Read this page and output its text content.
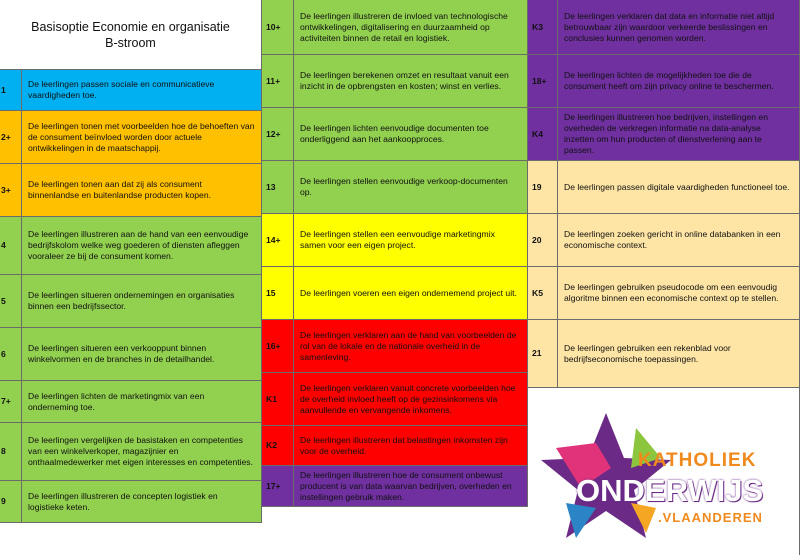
Basisoptie Economie en organisatie
B-stroom
1
De leerlingen passen sociale en communicatieve vaardigheden toe.
2+
De leerlingen tonen met voorbeelden hoe de behoeften van de consument beïnvloed worden door actuele ontwikkelingen in de maatschappij.
3+
De leerlingen tonen aan dat zij als consument binnenlandse en buitenlandse producten kopen.
4
De leerlingen illustreren aan de hand van een eenvoudige bedrijfskolom welke weg goederen of diensten afleggen vooraleer ze bij de consument komen.
5
De leerlingen situeren ondernemingen en organisaties binnen een bedrijfssector.
6
De leerlingen situeren een verkooppunt binnen winkelvormen en de branches in de detailhandel.
7+
De leerlingen lichten de marketingmix van een onderneming toe.
8
De leerlingen vergelijken de basistaken en competenties van een winkelverkoper, magazijnier en onthaalmedewerker met eigen interesses en competenties.
9
De leerlingen illustreren de concepten logistiek en logistieke keten.
10+
De leerlingen illustreren de invloed van technologische ontwikkelingen, digitalisering en duurzaamheid op activiteiten binnen de retail en logistiek.
11+
De leerlingen berekenen omzet en resultaat vanuit een inzicht in de opbrengsten en kosten; winst en verlies.
12+
De leerlingen lichten eenvoudige documenten toe onderliggend aan het aankoopproces.
13
De leerlingen stellen eenvoudige verkoop-documenten op.
14+
De leerlingen stellen een eenvoudige marketingmix samen voor een eigen project.
15	De leerlingen voeren een eigen ondernemend project uit.
16+
De leerlingen verklaren aan de hand van voorbeelden de rol van de lokale en de nationale overheid in de samenleving.
K1
De leerlingen verklaren vanuit concrete voorbeelden hoe de overheid invloed heeft op de gezinsinkomens via aanvullende en vervangende inkomens.
K2
De leerlingen illustreren dat belastingen inkomsten zijn voor de overheid.
17+
De leerlingen illustreren hoe de consument onbewust producent is van data waarvan bedrijven, overheden en instellingen gebruik maken.
K3
De leerlingen verklaren dat data en informatie niet altijd betrouwbaar zijn waardoor verkeerde beslissingen en conclusies kunnen genomen worden.
18+
De leerlingen lichten de mogelijkheden toe die de consument heeft om zijn privacy online te beschermen.
K4
De leerlingen illustreren hoe bedrijven, instellingen en overheden de verkregen informatie na data-analyse inzetten om hun producten of dienstverlening aan te passen.
19	De leerlingen passen digitale vaardigheden functioneel toe.
20
De leerlingen zoeken gericht in online databanken in een economische context.
K5
De leerlingen gebruiken pseudocode om een eenvoudig algoritme binnen een economische context op te stellen.
21
De leerlingen gebruiken een rekenblad voor bedrijfseconomische toepassingen.
KATHOLIEK
ONDERWIJS
.VLAANDEREN
